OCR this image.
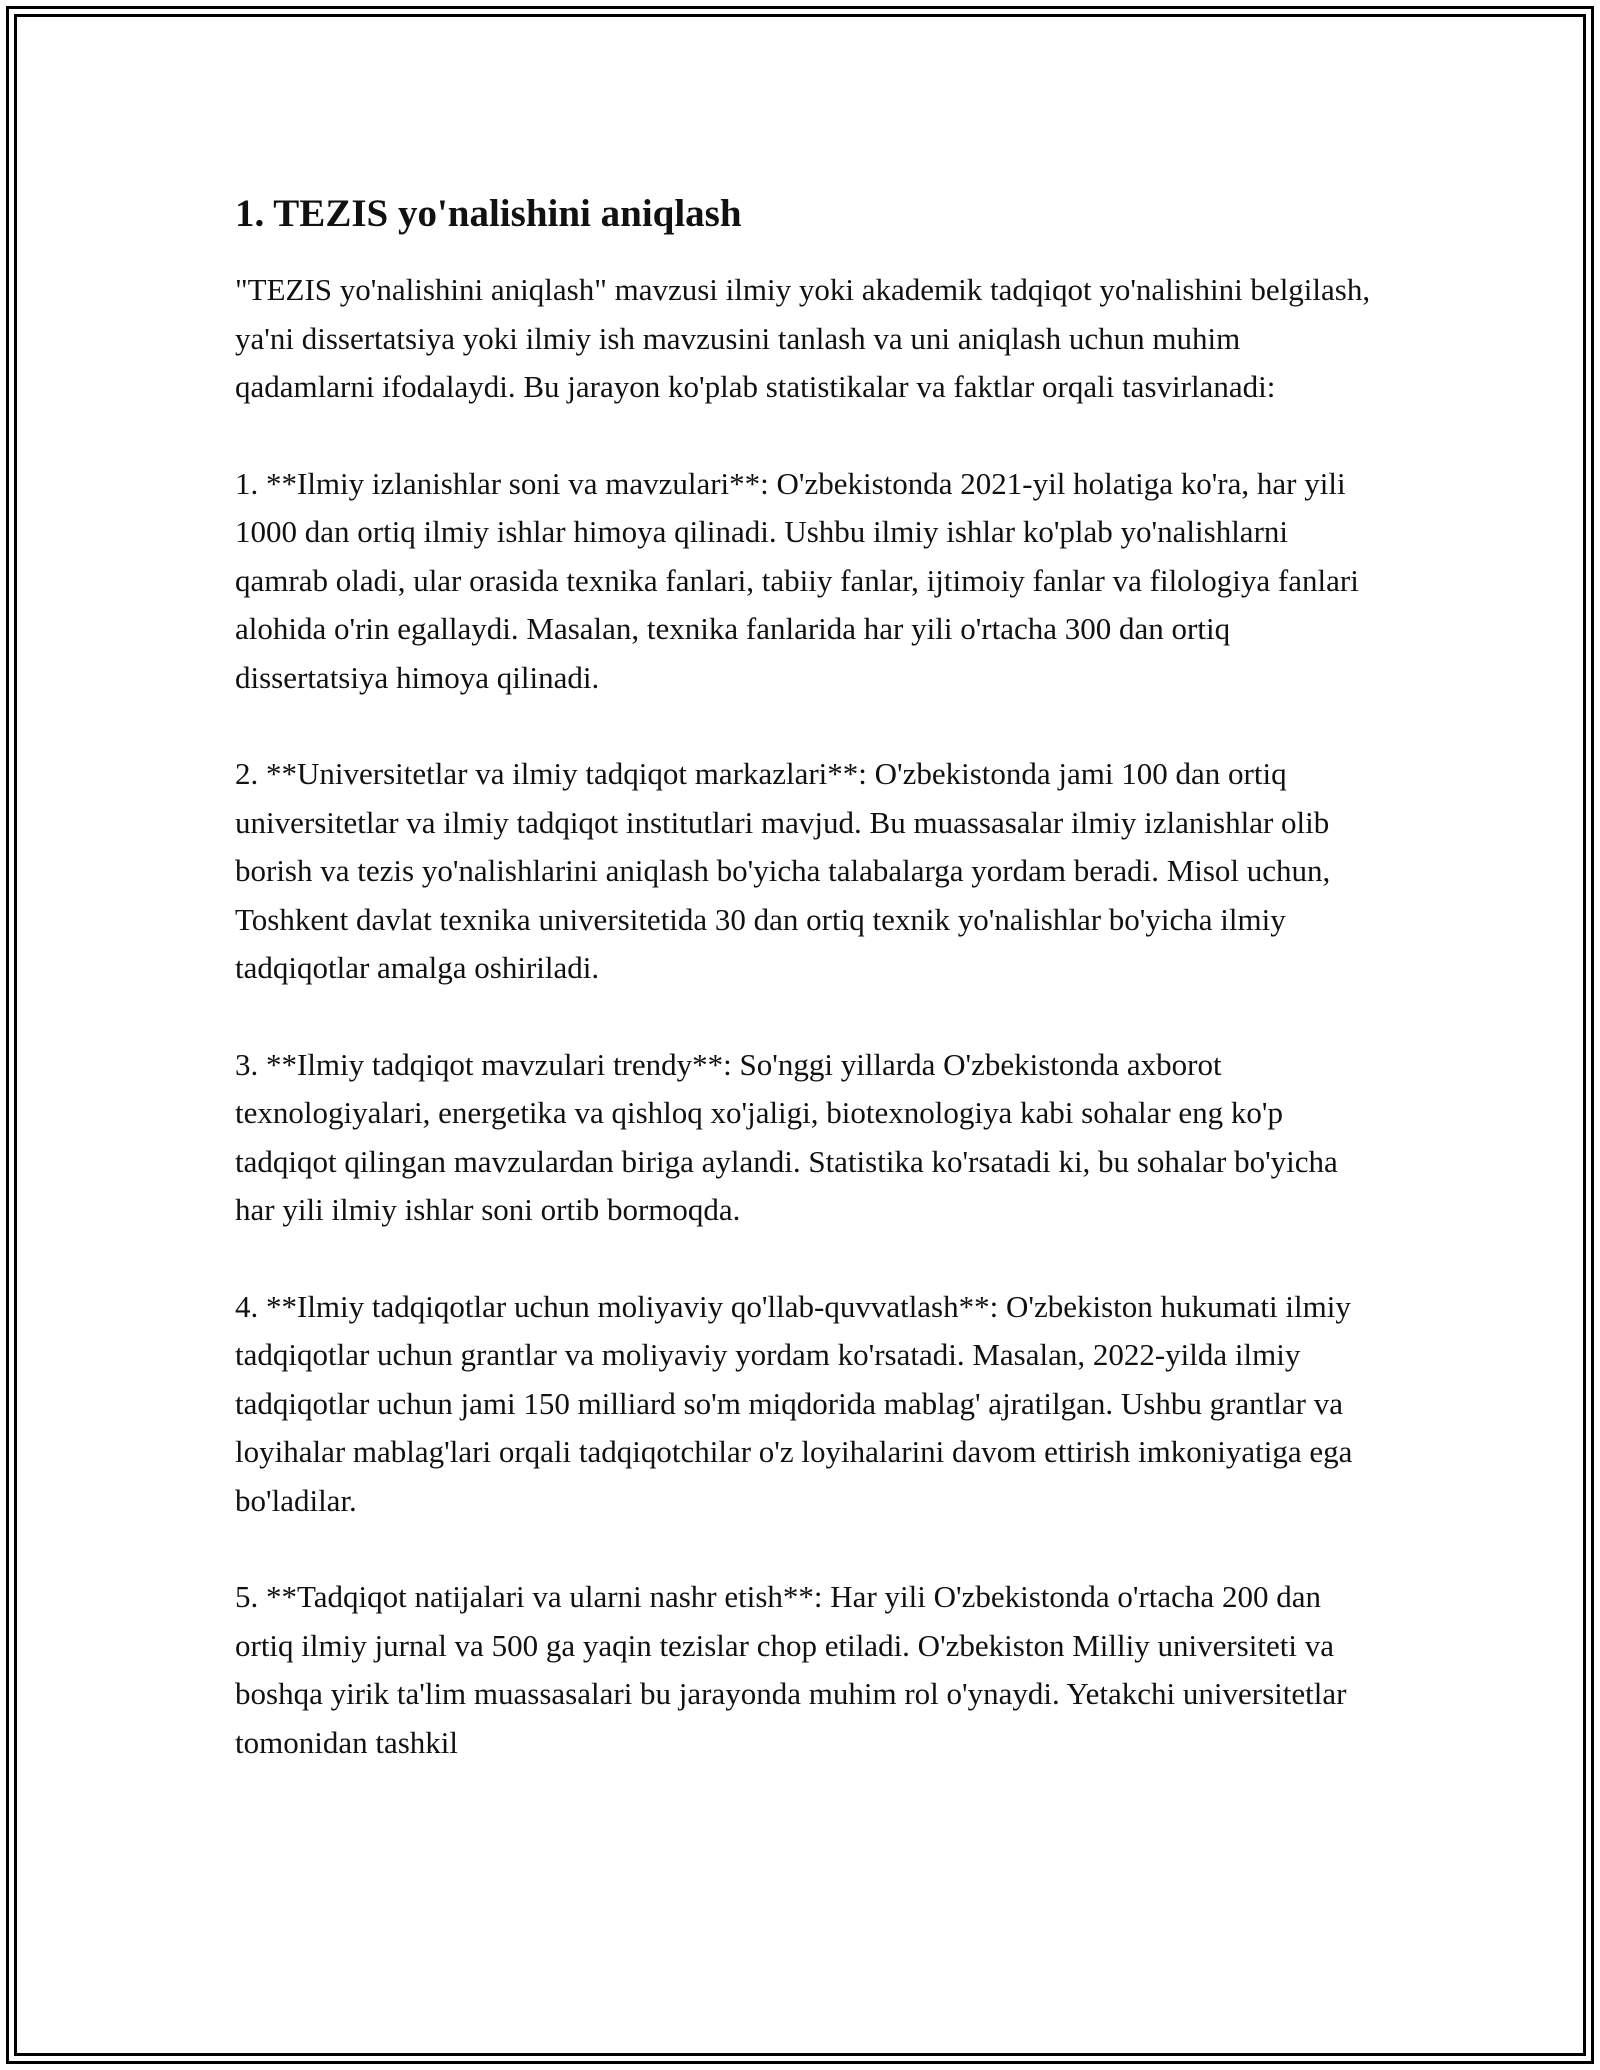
1. TEZIS yo'nalishini aniqlash

"TEZIS yo'nalishini aniqlash" mavzusi ilmiy yoki akademik tadqiqot yo'nalishini belgilash, ya'ni dissertatsiya yoki ilmiy ish mavzusini tanlash va uni aniqlash uchun muhim qadamlarni ifodalaydi. Bu jarayon ko'plab statistikalar va faktlar orqali tasvirlanadi:

1. **Ilmiy izlanishlar soni va mavzulari**: O'zbekistonda 2021-yil holatiga ko'ra, har yili 1000 dan ortiq ilmiy ishlar himoya qilinadi. Ushbu ilmiy ishlar ko'plab yo'nalishlarni qamrab oladi, ular orasida texnika fanlari, tabiiy fanlar, ijtimoiy fanlar va filologiya fanlari alohida o'rin egallaydi. Masalan, texnika fanlarida har yili o'rtacha 300 dan ortiq dissertatsiya himoya qilinadi.

2. **Universitetlar va ilmiy tadqiqot markazlari**: O'zbekistonda jami 100 dan ortiq universitetlar va ilmiy tadqiqot institutlari mavjud. Bu muassasalar ilmiy izlanishlar olib borish va tezis yo'nalishlarini aniqlash bo'yicha talabalarga yordam beradi. Misol uchun, Toshkent davlat texnika universitetida 30 dan ortiq texnik yo'nalishlar bo'yicha ilmiy tadqiqotlar amalga oshiriladi.

3. **Ilmiy tadqiqot mavzulari trendy**: So'nggi yillarda O'zbekistonda axborot texnologiyalari, energetika va qishloq xo'jaligi, biotexnologiya kabi sohalar eng ko'p tadqiqot qilingan mavzulardan biriga aylandi. Statistika ko'rsatadi ki, bu sohalar bo'yicha har yili ilmiy ishlar soni ortib bormoqda.

4. **Ilmiy tadqiqotlar uchun moliyaviy qo'llab-quvvatlash**: O'zbekiston hukumati ilmiy tadqiqotlar uchun grantlar va moliyaviy yordam ko'rsatadi. Masalan, 2022-yilda ilmiy tadqiqotlar uchun jami 150 milliard so'm miqdorida mablag' ajratilgan. Ushbu grantlar va loyihalar mablag'lari orqali tadqiqotchilar o'z loyihalarini davom ettirish imkoniyatiga ega bo'ladilar.

5. **Tadqiqot natijalari va ularni nashr etish**: Har yili O'zbekistonda o'rtacha 200 dan ortiq ilmiy jurnal va 500 ga yaqin tezislar chop etiladi. O'zbekiston Milliy universiteti va boshqa yirik ta'lim muassasalari bu jarayonda muhim rol o'ynaydi. Yetakchi universitetlar tomonidan tashkil
